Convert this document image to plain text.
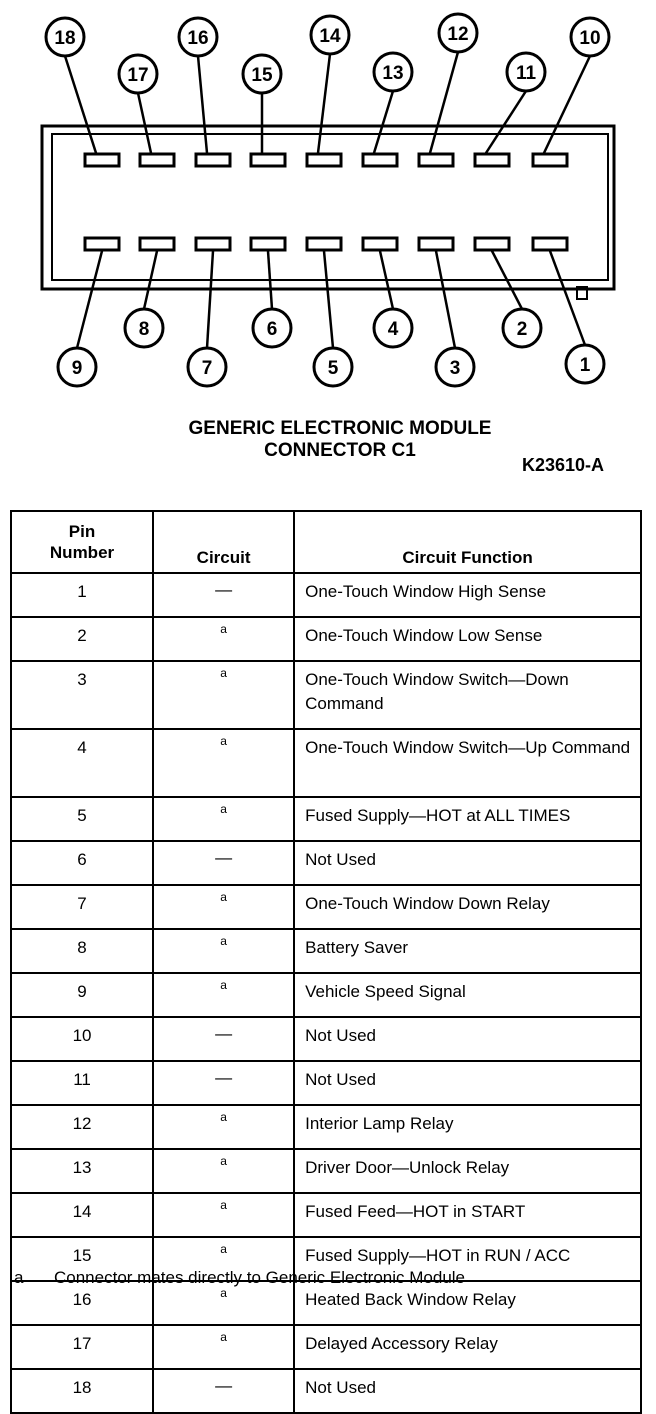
18
17
16
15
14
13
12
11
10
9
8
7
6
5
4
3
2
1
GENERIC ELECTRONIC MODULE
CONNECTOR C1
K23610-A
Pin Number	Circuit	Circuit Function
1	—	One-Touch Window High Sense
2	a	One-Touch Window Low Sense
3	a	One-Touch Window Switch—Down Command
4	a	One-Touch Window Switch—Up Command
5	a	Fused Supply—HOT at ALL TIMES
6	—	Not Used
7	a	One-Touch Window Down Relay
8	a	Battery Saver
9	a	Vehicle Speed Signal
10	—	Not Used
11	—	Not Used
12	a	Interior Lamp Relay
13	a	Driver Door—Unlock Relay
14	a	Fused Feed—HOT in START
15	a	Fused Supply—HOT in RUN / ACC
16	a	Heated Back Window Relay
17	a	Delayed Accessory Relay
18	—	Not Used
a Connector mates directly to Generic Electronic Module
